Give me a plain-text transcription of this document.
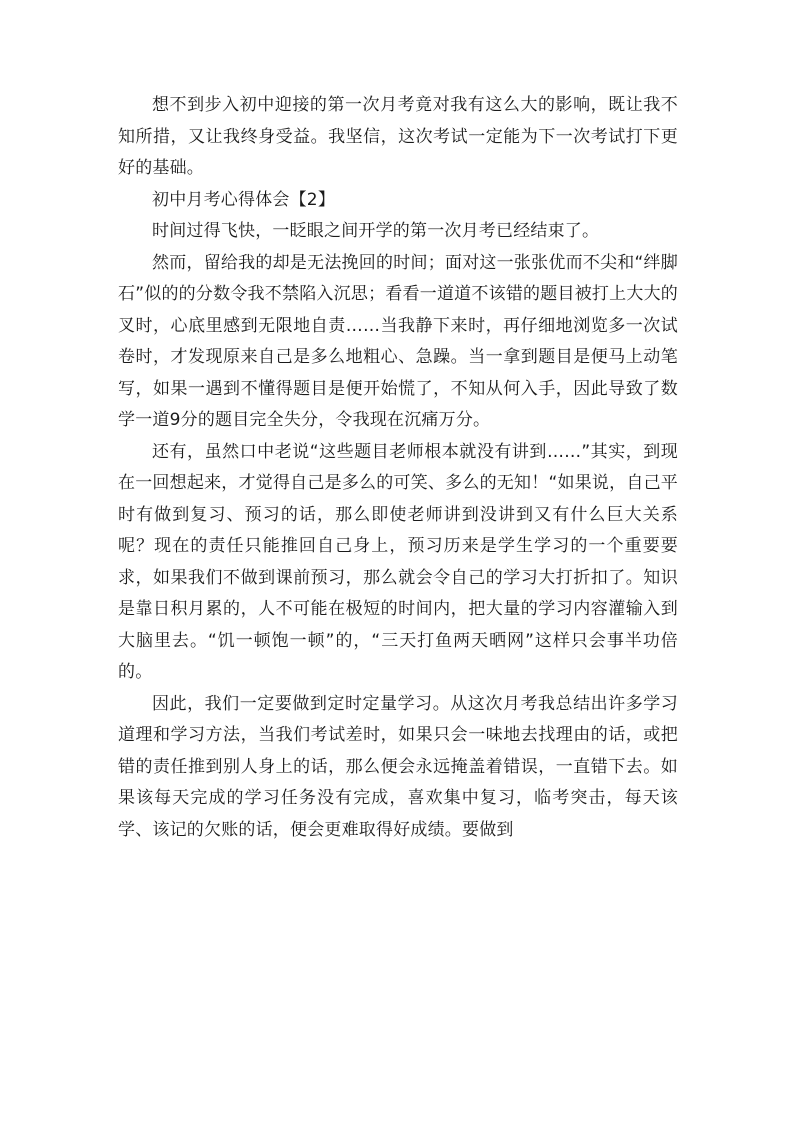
想不到步入初中迎接的第一次月考竟对我有这么大的影响，既让我不知所措，又让我终身受益。我坚信，这次考试一定能为下一次考试打下更好的基础。

初中月考心得体会【2】

时间过得飞快，一眨眼之间开学的第一次月考已经结束了。

然而，留给我的却是无法挽回的时间；面对这一张张优而不尖和“绊脚石”似的的分数令我不禁陷入沉思；看看一道道不该错的题目被打上大大的叉时，心底里感到无限地自责……当我静下来时，再仔细地浏览多一次试卷时，才发现原来自己是多么地粗心、急躁。当一拿到题目是便马上动笔写，如果一遇到不懂得题目是便开始慌了，不知从何入手，因此导致了数学一道9分的题目完全失分，令我现在沉痛万分。

还有，虽然口中老说“这些题目老师根本就没有讲到……”其实，到现在一回想起来，才觉得自己是多么的可笑、多么的无知！“如果说，自己平时有做到复习、预习的话，那么即使老师讲到没讲到又有什么巨大关系呢？现在的责任只能推回自己身上，预习历来是学生学习的一个重要要求，如果我们不做到课前预习，那么就会令自己的学习大打折扣了。知识是靠日积月累的，人不可能在极短的时间内，把大量的学习内容灌输入到大脑里去。“饥一顿饱一顿”的，“三天打鱼两天晒网”这样只会事半功倍的。

因此，我们一定要做到定时定量学习。从这次月考我总结出许多学习道理和学习方法，当我们考试差时，如果只会一味地去找理由的话，或把错的责任推到别人身上的话，那么便会永远掩盖着错误，一直错下去。如果该每天完成的学习任务没有完成，喜欢集中复习，临考突击，每天该学、该记的欠账的话，便会更难取得好成绩。要做到
